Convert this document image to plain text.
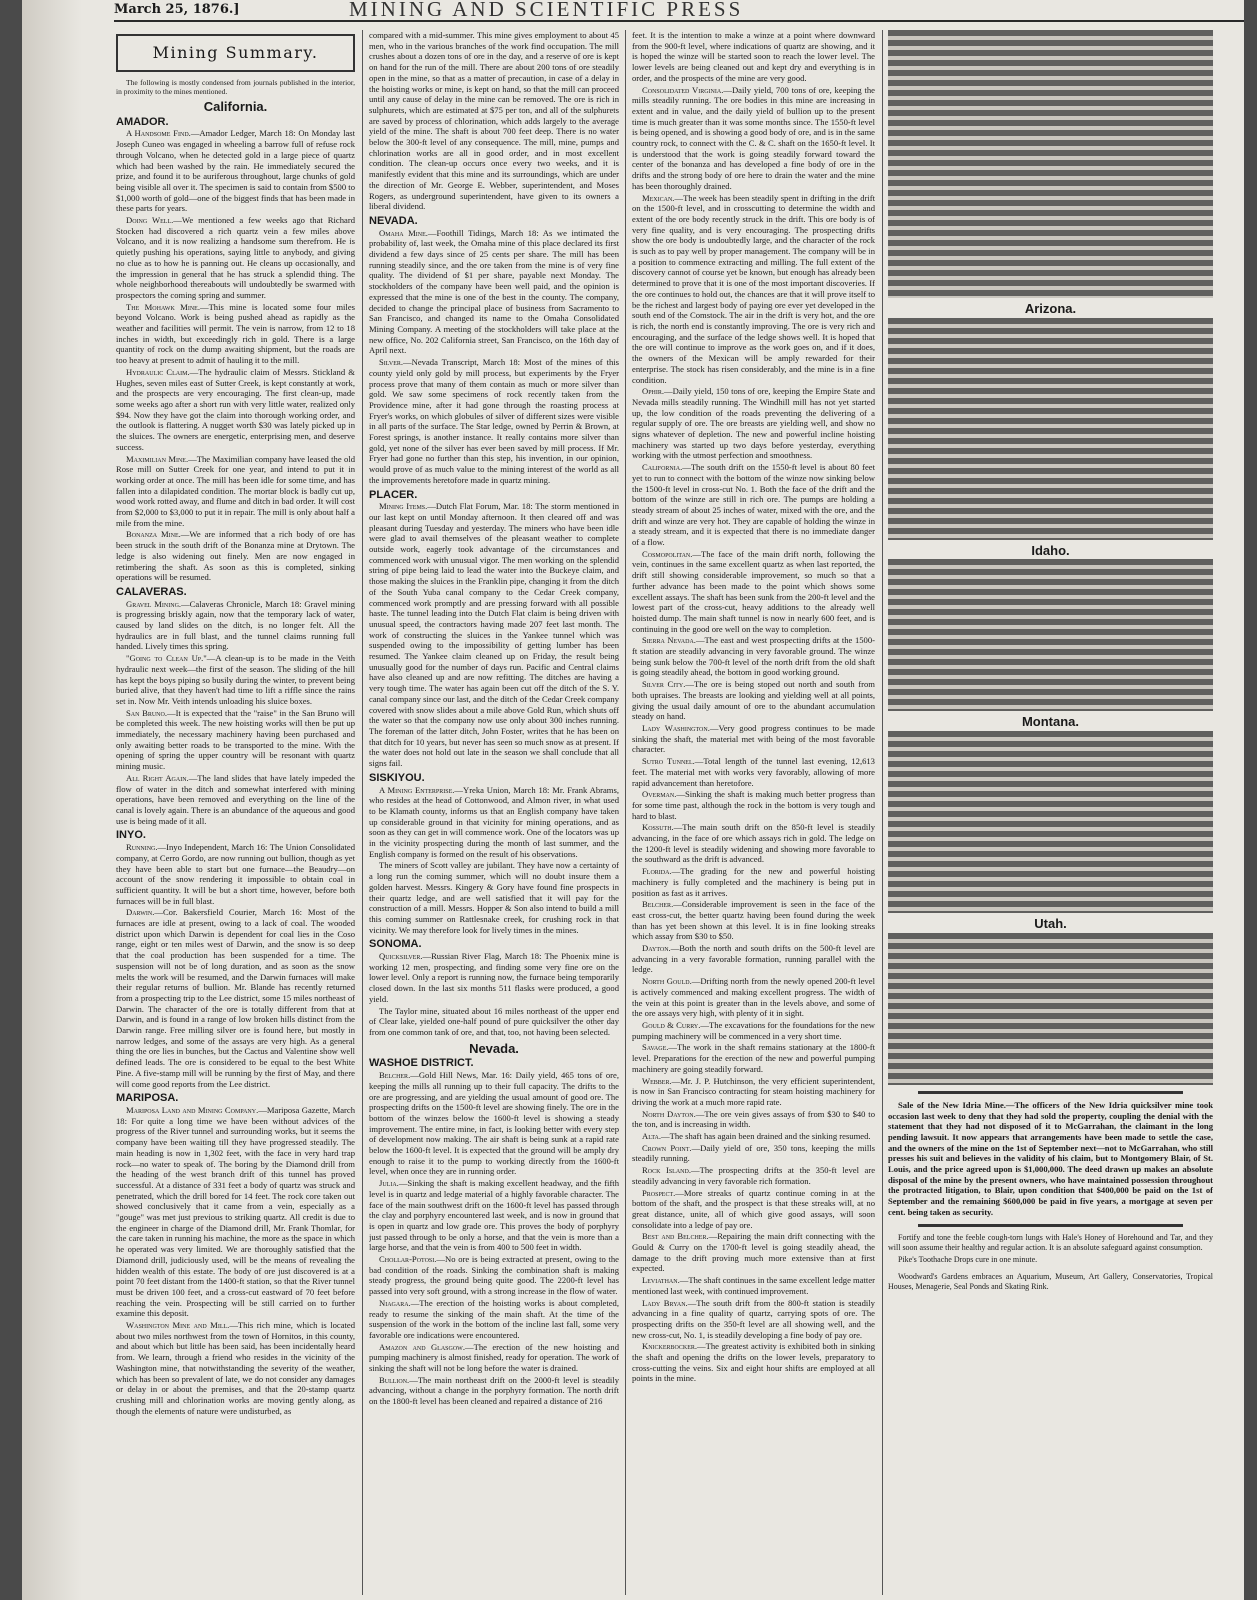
March 25, 1876.]	MINING AND SCIENTIFIC PRESS
Mining Summary.

The following is mostly condensed from journals published in the interior, in proximity to the mines mentioned.

California.
AMADOR.

A Handsome Find.—Amador Ledger, March 18: On Monday last Joseph Cuneo was engaged in wheeling a barrow full of refuse rock through Volcano, when he detected gold in a large piece of quartz which had been washed by the rain. He immediately secured the prize, and found it to be auriferous throughout, large chunks of gold being visible all over it. The specimen is said to contain from $500 to $1,000 worth of gold—one of the biggest finds that has been made in these parts for years.

Doing Well.—We mentioned a few weeks ago that Richard Stocken had discovered a rich quartz vein a few miles above Volcano, and it is now realizing a handsome sum therefrom. He is quietly pushing his operations, saying little to anybody, and giving no clue as to how he is panning out. He cleans up occasionally, and the impression in general that he has struck a splendid thing. The whole neighborhood thereabouts will undoubtedly be swarmed with prospectors the coming spring and summer.

The Mohawk Mine.—This mine is located some four miles beyond Volcano. Work is being pushed ahead as rapidly as the weather and facilities will permit. The vein is narrow, from 12 to 18 inches in width, but exceedingly rich in gold. There is a large quantity of rock on the dump awaiting shipment, but the roads are too heavy at present to admit of hauling it to the mill.

Hydraulic Claim.—The hydraulic claim of Messrs. Stickland & Hughes, seven miles east of Sutter Creek, is kept constantly at work, and the prospects are very encouraging. The first clean-up, made some weeks ago after a short run with very little water, realized only $94. Now they have got the claim into thorough working order, and the outlook is flattering. A nugget worth $30 was lately picked up in the sluices. The owners are energetic, enterprising men, and deserve success.

Maximilian Mine.—The Maximilian company have leased the old Rose mill on Sutter Creek for one year, and intend to put it in working order at once. The mill has been idle for some time, and has fallen into a dilapidated condition. The mortar block is badly cut up, wood work rotted away, and flume and ditch in bad order. It will cost from $2,000 to $3,000 to put it in repair. The mill is only about half a mile from the mine.

Bonanza Mine.—We are informed that a rich body of ore has been struck in the south drift of the Bonanza mine at Drytown. The ledge is also widening out finely. Men are now engaged in retimbering the shaft. As soon as this is completed, sinking operations will be resumed.

CALAVERAS.

Gravel Mining.—Calaveras Chronicle, March 18: Gravel mining is progressing briskly again, now that the temporary lack of water, caused by land slides on the ditch, is no longer felt. All the hydraulics are in full blast, and the tunnel claims running full handed. Lively times this spring.

"Going to Clean Up."—A clean-up is to be made in the Veith hydraulic next week—the first of the season. The sliding of the hill has kept the boys piping so busily during the winter, to prevent being buried alive, that they haven't had time to lift a riffle since the rains set in. Now Mr. Veith intends unloading his sluice boxes.

San Bruno.—It is expected that the "raise" in the San Bruno will be completed this week. The new hoisting works will then be put up immediately, the necessary machinery having been purchased and only awaiting better roads to be transported to the mine. With the opening of spring the upper country will be resonant with quartz mining music.

All Right Again.—The land slides that have lately impeded the flow of water in the ditch and somewhat interfered with mining operations, have been removed and everything on the line of the canal is lovely again. There is an abundance of the aqueous and good use is being made of it all.

INYO.

Running.—Inyo Independent, March 16: The Union Consolidated company, at Cerro Gordo, are now running out bullion, though as yet they have been able to start but one furnace—the Beaudry—on account of the snow rendering it impossible to obtain coal in sufficient quantity. It will be but a short time, however, before both furnaces will be in full blast.

Darwin.—Cor. Bakersfield Courier, March 16: Most of the furnaces are idle at present, owing to a lack of coal. The wooded district upon which Darwin is dependent for coal lies in the Coso range, eight or ten miles west of Darwin, and the snow is so deep that the coal production has been suspended for a time. The suspension will not be of long duration, and as soon as the snow melts the work will be resumed, and the Darwin furnaces will make their regular returns of bullion. Mr. Blande has recently returned from a prospecting trip to the Lee district, some 15 miles northeast of Darwin. The character of the ore is totally different from that at Darwin, and is found in a range of low broken hills distinct from the Darwin range. Free milling silver ore is found here, but mostly in narrow ledges, and some of the assays are very high. As a general thing the ore lies in bunches, but the Cactus and Valentine show well defined leads. The ore is considered to be equal to the best White Pine. A five-stamp mill will be running by the first of May, and there will come good reports from the Lee district.

MARIPOSA.

Mariposa Land and Mining Company.—Mariposa Gazette, March 18: For quite a long time we have been without advices of the progress of the River tunnel and surrounding works, but it seems the company have been waiting till they have progressed steadily. The main heading is now in 1,302 feet, with the face in very hard trap rock—no water to speak of. The boring by the Diamond drill from the heading of the west branch drift of this tunnel has proved successful. At a distance of 331 feet a body of quartz was struck and penetrated, which the drill bored for 14 feet. The rock core taken out showed conclusively that it came from a vein, especially as a "gouge" was met just previous to striking quartz. All credit is due to the engineer in charge of the Diamond drill, Mr. Frank Thomlar, for the care taken in running his machine, the more as the space in which he operated was very limited. We are thoroughly satisfied that the Diamond drill, judiciously used, will be the means of revealing the hidden wealth of this estate. The body of ore just discovered is at a point 70 feet distant from the 1400-ft station, so that the River tunnel must be driven 100 feet, and a cross-cut eastward of 70 feet before reaching the vein. Prospecting will be still carried on to further examine this deposit.

Washington Mine and Mill.—This rich mine, which is located about two miles northwest from the town of Hornitos, in this county, and about which but little has been said, has been incidentally heard from. We learn, through a friend who resides in the vicinity of the Washington mine, that notwithstanding the severity of the weather, which has been so prevalent of late, we do not consider any damages or delay in or about the premises, and that the 20-stamp quartz crushing mill and chlorination works are moving gently along, as though the elements of nature were undisturbed, as

compared with a mid-summer. This mine gives employment to about 45 men, who in the various branches of the work find occupation. The mill crushes about a dozen tons of ore in the day, and a reserve of ore is kept on hand for the run of the mill. There are about 200 tons of ore steadily open in the mine, so that as a matter of precaution, in case of a delay in the hoisting works or mine, is kept on hand, so that the mill can proceed until any cause of delay in the mine can be removed. The ore is rich in sulphurets, which are estimated at $75 per ton, and all of the sulphurets are saved by process of chlorination, which adds largely to the average yield of the mine. The shaft is about 700 feet deep. There is no water below the 300-ft level of any consequence. The mill, mine, pumps and chlorination works are all in good order, and in most excellent condition. The clean-up occurs once every two weeks, and it is manifestly evident that this mine and its surroundings, which are under the direction of Mr. George E. Webber, superintendent, and Moses Rogers, as underground superintendent, have given to its owners a liberal dividend.

NEVADA.

Omaha Mine.—Foothill Tidings, March 18: As we intimated the probability of, last week, the Omaha mine of this place declared its first dividend a few days since of 25 cents per share. The mill has been running steadily since, and the ore taken from the mine is of very fine quality. The dividend of $1 per share, payable next Monday. The stockholders of the company have been well paid, and the opinion is expressed that the mine is one of the best in the county. The company, decided to change the principal place of business from Sacramento to San Francisco, and changed its name to the Omaha Consolidated Mining Company. A meeting of the stockholders will take place at the new office, No. 202 California street, San Francisco, on the 16th day of April next.

Silver.—Nevada Transcript, March 18: Most of the mines of this county yield only gold by mill process, but experiments by the Fryer process prove that many of them contain as much or more silver than gold. We saw some specimens of rock recently taken from the Providence mine, after it had gone through the roasting process at Fryer's works, on which globules of silver of different sizes were visible in all parts of the surface. The Star ledge, owned by Perrin & Brown, at Forest springs, is another instance. It really contains more silver than gold, yet none of the silver has ever been saved by mill process. If Mr. Fryer had gone no further than this step, his invention, in our opinion, would prove of as much value to the mining interest of the world as all the improvements heretofore made in quartz mining.

PLACER.

Mining Items.—Dutch Flat Forum, Mar. 18: The storm mentioned in our last kept on until Monday afternoon. It then cleared off and was pleasant during Tuesday and yesterday. The miners who have been idle were glad to avail themselves of the pleasant weather to complete outside work, eagerly took advantage of the circumstances and commenced work with unusual vigor. The men working on the splendid string of pipe being laid to lead the water into the Buckeye claim, and those making the sluices in the Franklin pipe, changing it from the ditch of the South Yuba canal company to the Cedar Creek company, commenced work promptly and are pressing forward with all possible haste. The tunnel leading into the Dutch Flat claim is being driven with unusual speed, the contractors having made 207 feet last month. The work of constructing the sluices in the Yankee tunnel which was suspended owing to the impossibility of getting lumber has been resumed. The Yankee claim cleaned up on Friday, the result being unusually good for the number of days run. Pacific and Central claims have also cleaned up and are now refitting. The ditches are having a very tough time. The water has again been cut off the ditch of the S. Y. canal company since our last, and the ditch of the Cedar Creek company covered with snow slides about a mile above Gold Run, which shuts off the water so that the company now use only about 300 inches running. The foreman of the latter ditch, John Foster, writes that he has been on that ditch for 10 years, but never has seen so much snow as at present. If the water does not hold out late in the season we shall conclude that all signs fail.

SISKIYOU.

A Mining Enterprise.—Yreka Union, March 18: Mr. Frank Abrams, who resides at the head of Cottonwood, and Almon river, in what used to be Klamath county, informs us that an English company have taken up considerable ground in that vicinity for mining operations, and as soon as they can get in will commence work. One of the locators was up in the vicinity prospecting during the month of last summer, and the English company is formed on the result of his observations.

The miners of Scott valley are jubilant. They have now a certainty of a long run the coming summer, which will no doubt insure them a golden harvest. Messrs. Kingery & Gory have found fine prospects in their quartz ledge, and are well satisfied that it will pay for the construction of a mill. Messrs. Hopper & Son also intend to build a mill this coming summer on Rattlesnake creek, for crushing rock in that vicinity. We may therefore look for lively times in the mines.

SONOMA.

Quicksilver.—Russian River Flag, March 18: The Phoenix mine is working 12 men, prospecting, and finding some very fine ore on the lower level. Only a report is running now, the furnace being temporarily closed down. In the last six months 511 flasks were produced, a good yield.

The Taylor mine, situated about 16 miles northeast of the upper end of Clear lake, yielded one-half pound of pure quicksilver the other day from one common tank of ore, and that, too, not having been selected.

Nevada.
WASHOE DISTRICT.

Belcher.—Gold Hill News, Mar. 16: Daily yield, 465 tons of ore, keeping the mills all running up to their full capacity. The drifts to the ore are progressing, and are yielding the usual amount of good ore. The prospecting drifts on the 1500-ft level are showing finely. The ore in the bottom of the winzes below the 1600-ft level is showing a steady improvement. The entire mine, in fact, is looking better with every step of development now making. The air shaft is being sunk at a rapid rate below the 1600-ft level. It is expected that the ground will be amply dry enough to raise it to the pump to working directly from the 1600-ft level, when once they are in running order.

Julia.—Sinking the shaft is making excellent headway, and the fifth level is in quartz and ledge material of a highly favorable character. The face of the main southwest drift on the 1600-ft level has passed through the clay and porphyry encountered last week, and is now in ground that is open in quartz and low grade ore. This proves the body of porphyry just passed through to be only a horse, and that the vein is more than a large horse, and that the vein is from 400 to 500 feet in width.

Chollar-Potosi.—No ore is being extracted at present, owing to the bad condition of the roads. Sinking the combination shaft is making steady progress, the ground being quite good. The 2200-ft level has passed into very soft ground, with a strong increase in the flow of water.

Niagara.—The erection of the hoisting works is about completed, ready to resume the sinking of the main shaft. At the time of the suspension of the work in the bottom of the incline last fall, some very favorable ore indications were encountered.

Amazon and Glasgow.—The erection of the new hoisting and pumping machinery is almost finished, ready for operation. The work of sinking the shaft will not be long before the water is drained.

Bullion.—The main northeast drift on the 2000-ft level is steadily advancing, without a change in the porphyry formation. The north drift on the 1800-ft level has been cleaned and repaired a distance of 216

feet. It is the intention to make a winze at a point where downward from the 900-ft level, where indications of quartz are showing, and it is hoped the winze will be started soon to reach the lower level. The lower levels are being cleaned out and kept dry and everything is in order, and the prospects of the mine are very good.

Consolidated Virginia.—Daily yield, 700 tons of ore, keeping the mills steadily running. The ore bodies in this mine are increasing in extent and in value, and the daily yield of bullion up to the present time is much greater than it was some months since. The 1550-ft level is being opened, and is showing a good body of ore, and is in the same country rock, to connect with the C. & C. shaft on the 1650-ft level. It is understood that the work is going steadily forward toward the center of the bonanza and has developed a fine body of ore in the drifts and the strong body of ore here to drain the water and the mine has been thoroughly drained.

Mexican.—The week has been steadily spent in drifting in the drift on the 1500-ft level, and in crosscutting to determine the width and extent of the ore body recently struck in the drift. This ore body is of very fine quality, and is very encouraging. The prospecting drifts show the ore body is undoubtedly large, and the character of the rock is such as to pay well by proper management. The company will be in a position to commence extracting and milling. The full extent of the discovery cannot of course yet be known, but enough has already been determined to prove that it is one of the most important discoveries. If the ore continues to hold out, the chances are that it will prove itself to be the richest and largest body of paying ore ever yet developed in the south end of the Comstock. The air in the drift is very hot, and the ore is rich, the north end is constantly improving. The ore is very rich and encouraging, and the surface of the ledge shows well. It is hoped that the ore will continue to improve as the work goes on, and if it does, the owners of the Mexican will be amply rewarded for their enterprise. The stock has risen considerably, and the mine is in a fine condition.

Ophir.—Daily yield, 150 tons of ore, keeping the Empire State and Nevada mills steadily running. The Windhill mill has not yet started up, the low condition of the roads preventing the delivering of a regular supply of ore. The ore breasts are yielding well, and show no signs whatever of depletion. The new and powerful incline hoisting machinery was started up two days before yesterday, everything working with the utmost perfection and smoothness.

California.—The south drift on the 1550-ft level is about 80 feet yet to run to connect with the bottom of the winze now sinking below the 1500-ft level in cross-cut No. 1. Both the face of the drift and the bottom of the winze are still in rich ore. The pumps are holding a steady stream of about 25 inches of water, mixed with the ore, and the drift and winze are very hot. They are capable of holding the winze in a steady stream, and it is expected that there is no immediate danger of a flow.

Cosmopolitan.—The face of the main drift north, following the vein, continues in the same excellent quartz as when last reported, the drift still showing considerable improvement, so much so that a further advance has been made to the point which shows some excellent assays. The shaft has been sunk from the 200-ft level and the lowest part of the cross-cut, heavy additions to the already well hoisted dump. The main shaft tunnel is now in nearly 600 feet, and is continuing in the good ore well on the way to completion.

Sierra Nevada.—The east and west prospecting drifts at the 1500-ft station are steadily advancing in very favorable ground. The winze being sunk below the 700-ft level of the north drift from the old shaft is going steadily ahead, the bottom in good working ground.

Silver City.—The ore is being stoped out north and south from both upraises. The breasts are looking and yielding well at all points, giving the usual daily amount of ore to the abundant accumulation steady on hand.

Lady Washington.—Very good progress continues to be made sinking the shaft, the material met with being of the most favorable character.

Sutro Tunnel.—Total length of the tunnel last evening, 12,613 feet. The material met with works very favorably, allowing of more rapid advancement than heretofore.

Overman.—Sinking the shaft is making much better progress than for some time past, although the rock in the bottom is very tough and hard to blast.

Kossuth.—The main south drift on the 850-ft level is steadily advancing, in the face of ore which assays rich in gold. The ledge on the 1200-ft level is steadily widening and showing more favorable to the southward as the drift is advanced.

Florida.—The grading for the new and powerful hoisting machinery is fully completed and the machinery is being put in position as fast as it arrives.

Belcher.—Considerable improvement is seen in the face of the east cross-cut, the better quartz having been found during the week than has yet been shown at this level. It is in fine looking streaks which assay from $30 to $50.

Dayton.—Both the north and south drifts on the 500-ft level are advancing in a very favorable formation, running parallel with the ledge.

North Gould.—Drifting north from the newly opened 200-ft level is actively commenced and making excellent progress. The width of the vein at this point is greater than in the levels above, and some of the ore assays very high, with plenty of it in sight.

Gould & Curry.—The excavations for the foundations for the new pumping machinery will be commenced in a very short time.

Savage.—The work in the shaft remains stationary at the 1800-ft level. Preparations for the erection of the new and powerful pumping machinery are going steadily forward.

Webber.—Mr. J. P. Hutchinson, the very efficient superintendent, is now in San Francisco contracting for steam hoisting machinery for driving the work at a much more rapid rate.

North Dayton.—The ore vein gives assays of from $30 to $40 to the ton, and is increasing in width.

Alta.—The shaft has again been drained and the sinking resumed.

Crown Point.—Daily yield of ore, 350 tons, keeping the mills steadily running.

Rock Island.—The prospecting drifts at the 350-ft level are steadily advancing in very favorable rich formation.

Prospect.—More streaks of quartz continue coming in at the bottom of the shaft, and the prospect is that these streaks will, at no great distance, unite, all of which give good assays, will soon consolidate into a ledge of pay ore.

Best and Belcher.—Repairing the main drift connecting with the Gould & Curry on the 1700-ft level is going steadily ahead, the damage to the drift proving much more extensive than at first expected.

Leviathan.—The shaft continues in the same excellent ledge matter mentioned last week, with continued improvement.

Lady Bryan.—The south drift from the 800-ft station is steadily advancing in a fine quality of quartz, carrying spots of ore. The prospecting drifts on the 350-ft level are all showing well, and the new cross-cut, No. 1, is steadily developing a fine body of pay ore.

Knickerbocker.—The greatest activity is exhibited both in sinking the shaft and opening the drifts on the lower levels, preparatory to cross-cutting the veins. Six and eight hour shifts are employed at all points in the mine.

Arizona.
Idaho.
Montana.
Utah.

Sale of the New Idria Mine.—The officers of the New Idria quicksilver mine took occasion last week to deny that they had sold the property, coupling the denial with the statement that they had not disposed of it to McGarrahan, the claimant in the long pending lawsuit. It now appears that arrangements have been made to settle the case, and the owners of the mine on the 1st of September next—not to McGarrahan, who still presses his suit and believes in the validity of his claim, but to Montgomery Blair, of St. Louis, and the price agreed upon is $1,000,000. The deed drawn up makes an absolute disposal of the mine by the present owners, who have maintained possession throughout the protracted litigation, to Blair, upon condition that $400,000 be paid on the 1st of September and the remaining $600,000 be paid in five years, a mortgage at seven per cent. being taken as security.

Fortify and tone the feeble cough-torn lungs with Hale's Honey of Horehound and Tar, and they will soon assume their healthy and regular action. It is an absolute safeguard against consumption.

Pike's Toothache Drops cure in one minute.

Woodward's Gardens embraces an Aquarium, Museum, Art Gallery, Conservatories, Tropical Houses, Menagerie, Seal Ponds and Skating Rink.
